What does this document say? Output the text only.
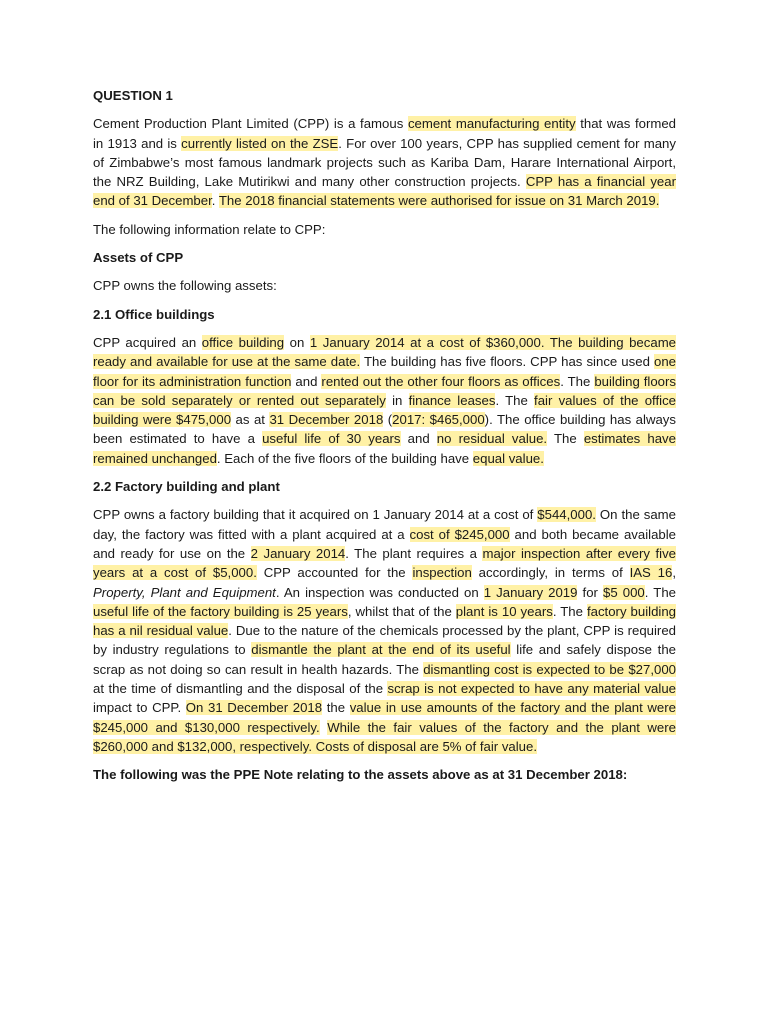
QUESTION 1

Cement Production Plant Limited (CPP) is a famous cement manufacturing entity that was formed in 1913 and is currently listed on the ZSE. For over 100 years, CPP has supplied cement for many of Zimbabwe’s most famous landmark projects such as Kariba Dam, Harare International Airport, the NRZ Building, Lake Mutirikwi and many other construction projects. CPP has a financial year end of 31 December. The 2018 financial statements were authorised for issue on 31 March 2019.

The following information relate to CPP:

Assets of CPP

CPP owns the following assets:

2.1 Office buildings

CPP acquired an office building on 1 January 2014 at a cost of $360,000. The building became ready and available for use at the same date. The building has five floors. CPP has since used one floor for its administration function and rented out the other four floors as offices. The building floors can be sold separately or rented out separately in finance leases. The fair values of the office building were $475,000 as at 31 December 2018 (2017: $465,000). The office building has always been estimated to have a useful life of 30 years and no residual value. The estimates have remained unchanged. Each of the five floors of the building have equal value.

2.2 Factory building and plant

CPP owns a factory building that it acquired on 1 January 2014 at a cost of $544,000. On the same day, the factory was fitted with a plant acquired at a cost of $245,000 and both became available and ready for use on the 2 January 2014. The plant requires a major inspection after every five years at a cost of $5,000. CPP accounted for the inspection accordingly, in terms of IAS 16, Property, Plant and Equipment. An inspection was conducted on 1 January 2019 for $5 000. The useful life of the factory building is 25 years, whilst that of the plant is 10 years. The factory building has a nil residual value. Due to the nature of the chemicals processed by the plant, CPP is required by industry regulations to dismantle the plant at the end of its useful life and safely dispose the scrap as not doing so can result in health hazards. The dismantling cost is expected to be $27,000 at the time of dismantling and the disposal of the scrap is not expected to have any material value impact to CPP. On 31 December 2018 the value in use amounts of the factory and the plant were $245,000 and $130,000 respectively. While the fair values of the factory and the plant were $260,000 and $132,000, respectively. Costs of disposal are 5% of fair value.

The following was the PPE Note relating to the assets above as at 31 December 2018:
